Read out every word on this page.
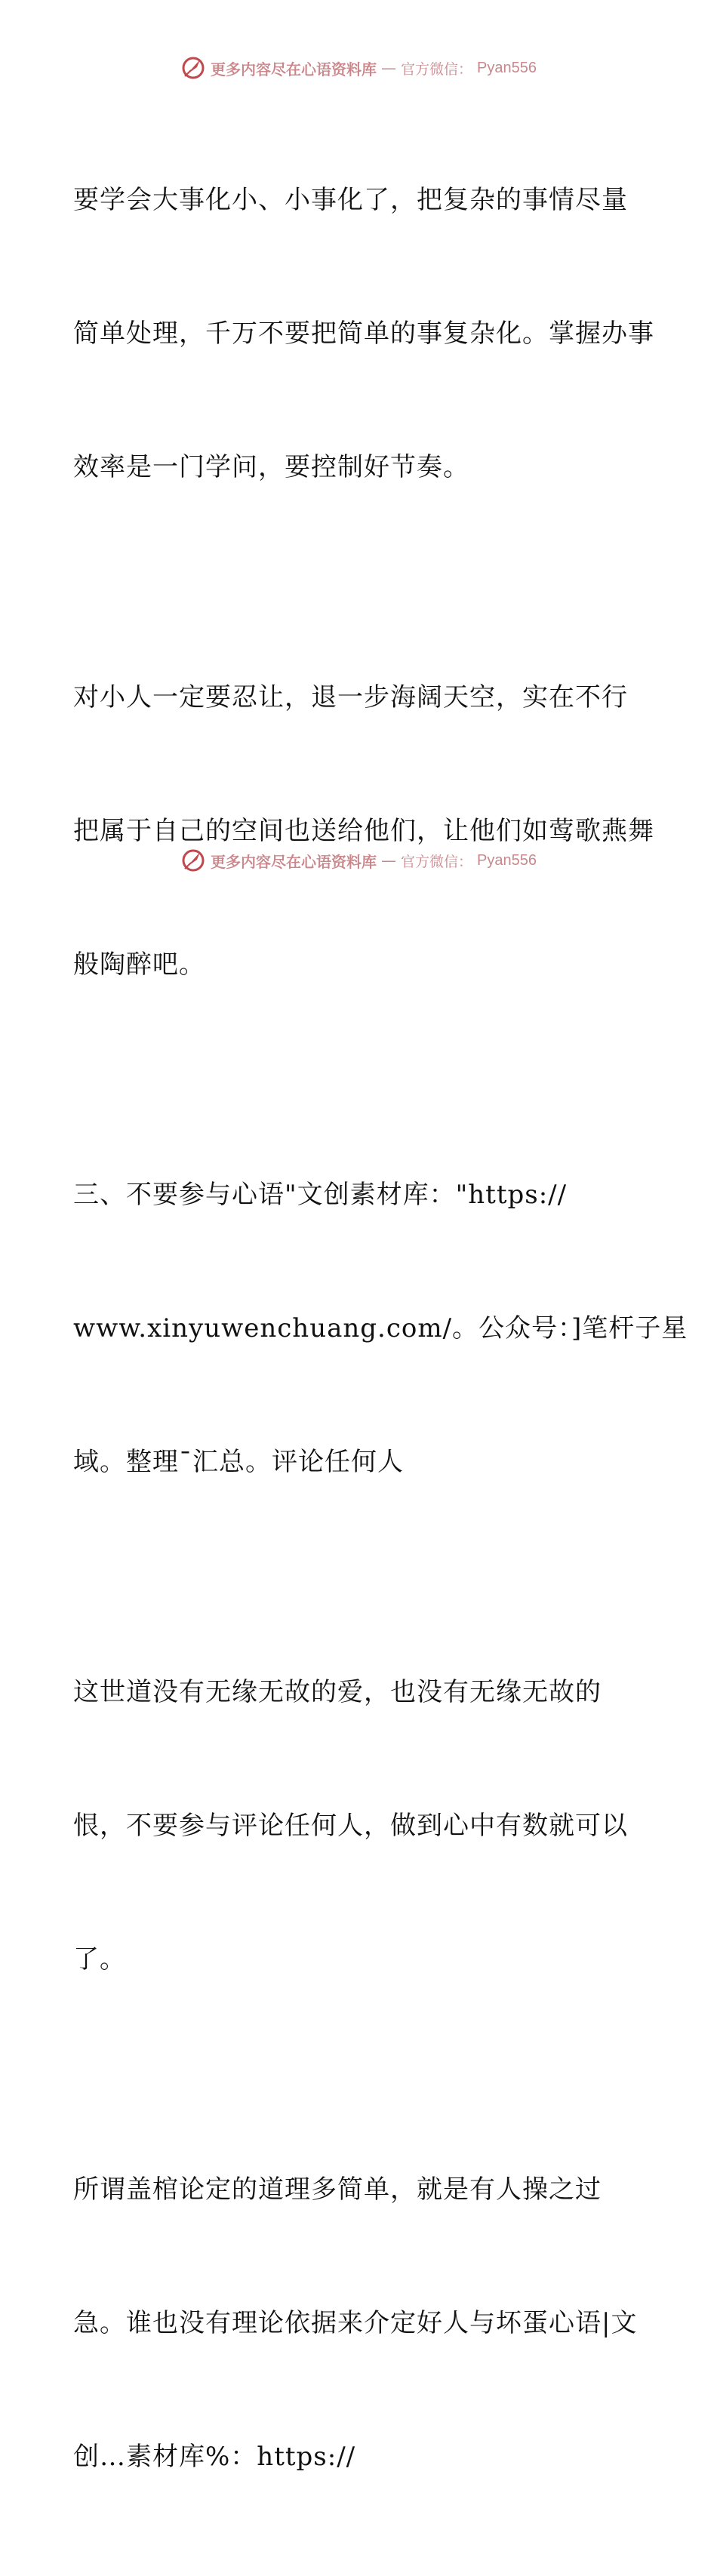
更多内容尽在心语资料库 — 官方微信： Pyan556

要学会大事化小、小事化了，把复杂的事情尽量

简单处理，千万不要把简单的事复杂化。掌握办事

效率是一门学问，要控制好节奏。

对小人一定要忍让，退一步海阔天空，实在不行

把属于自己的空间也送给他们，让他们如莺歌燕舞

般陶醉吧。

三、不要参与心语"文创素材库："https://

www.xinyuwenchuang.com/。公众号：]笔杆子星

域。整理¯汇总。评论任何人

这世道没有无缘无故的爱，也没有无缘无故的

恨，不要参与评论任何人，做到心中有数就可以

了。

所谓盖棺论定的道理多简单，就是有人操之过

急。谁也没有理论依据来介定好人与坏蛋心语|文

创…素材库%：https://

更多内容尽在心语资料库 — 官方微信： Pyan556
